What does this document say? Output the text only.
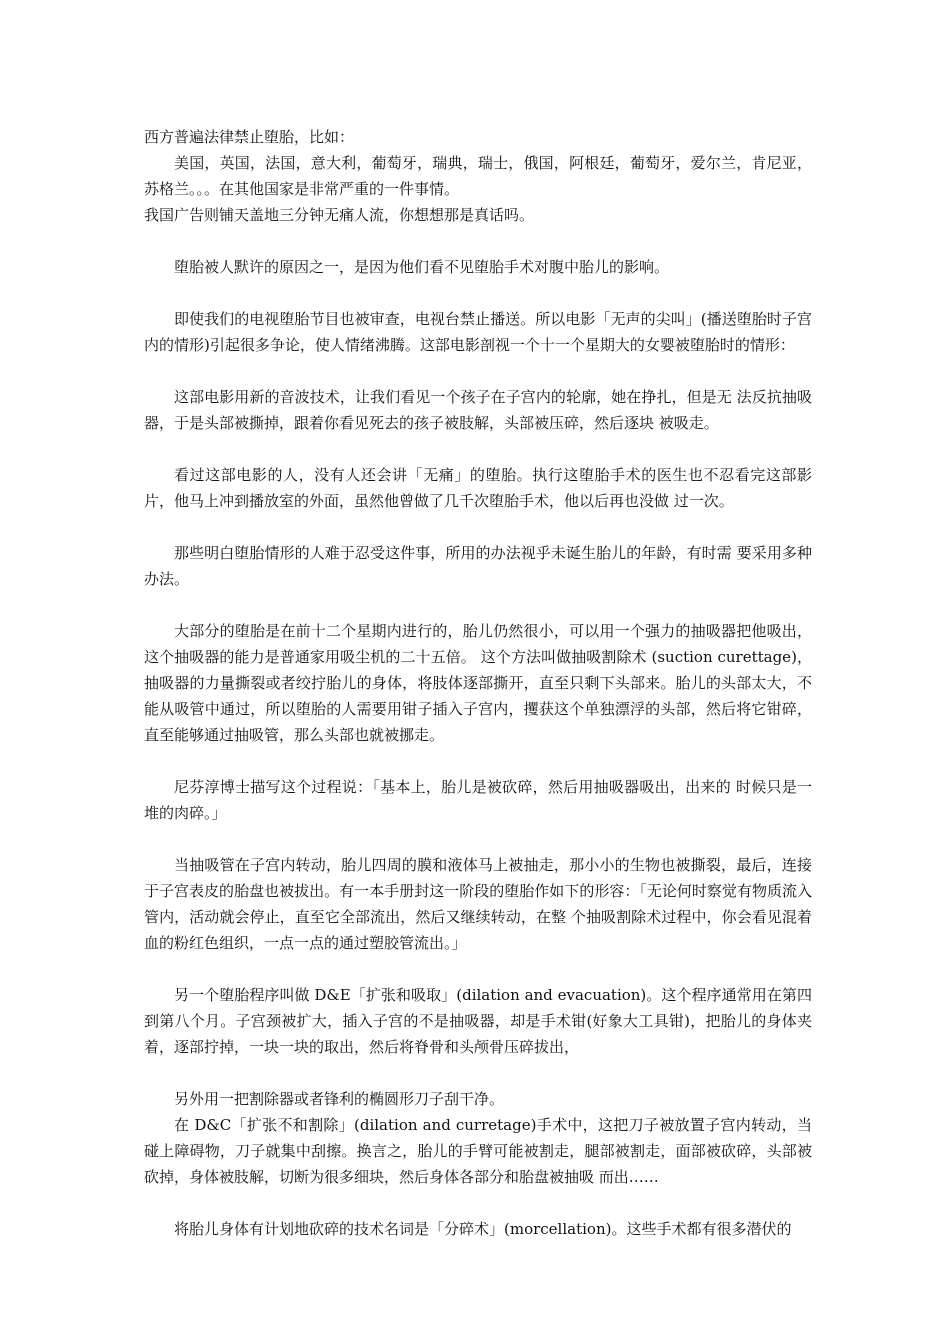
西方普遍法律禁止堕胎，比如：

美国，英国，法国，意大利，葡萄牙，瑞典，瑞士，俄国，阿根廷，葡萄牙，爱尔兰，肯尼亚，苏格兰。。。在其他国家是非常严重的一件事情。

我国广告则铺天盖地三分钟无痛人流，你想想那是真话吗。

堕胎被人默许的原因之一，是因为他们看不见堕胎手术对腹中胎儿的影响。

即使我们的电视堕胎节目也被审查，电视台禁止播送。所以电影「无声的尖叫」(播送堕胎时子宫内的情形)引起很多争论，使人情绪沸腾。这部电影剖视一个十一个星期大的女婴被堕胎时的情形：

这部电影用新的音波技术，让我们看见一个孩子在子宫内的轮廓，她在挣扎，但是无 法反抗抽吸器，于是头部被撕掉，跟着你看见死去的孩子被肢解，头部被压碎，然后逐块 被吸走。

看过这部电影的人，没有人还会讲「无痛」的堕胎。执行这堕胎手术的医生也不忍看完这部影片，他马上冲到播放室的外面，虽然他曾做了几千次堕胎手术，他以后再也没做 过一次。

那些明白堕胎情形的人难于忍受这件事，所用的办法视乎未诞生胎儿的年龄，有时需 要采用多种办法。

大部分的堕胎是在前十二个星期内进行的，胎儿仍然很小，可以用一个强力的抽吸器把他吸出，这个抽吸器的能力是普通家用吸尘机的二十五倍。 这个方法叫做抽吸割除术 (suction curettage)，抽吸器的力量撕裂或者绞拧胎儿的身体，将肢体逐部撕开，直至只剩下头部来。胎儿的头部太大，不能从吸管中通过，所以堕胎的人需要用钳子插入子宫内，攫获这个单独漂浮的头部，然后将它钳碎，直至能够通过抽吸管，那么头部也就被挪走。

尼芬淳博士描写这个过程说：「基本上，胎儿是被砍碎，然后用抽吸器吸出，出来的 时候只是一堆的肉碎。」

当抽吸管在子宫内转动，胎儿四周的膜和液体马上被抽走，那小小的生物也被撕裂，最后，连接于子宫表皮的胎盘也被拔出。有一本手册封这一阶段的堕胎作如下的形容：「无论何时察觉有物质流入管内，活动就会停止，直至它全部流出，然后又继续转动，在整 个抽吸割除术过程中，你会看见混着血的粉红色组织，一点一点的通过塑胶管流出。」

另一个堕胎程序叫做 D&E「扩张和吸取」(dilation and evacuation)。这个程序通常用在第四到第八个月。子宫颈被扩大，插入子宫的不是抽吸器，却是手术钳(好象大工具钳)，把胎儿的身体夹着，逐部拧掉，一块一块的取出，然后将脊骨和头颅骨压碎拔出，

另外用一把割除器或者锋利的椭圆形刀子刮干净。

在 D&C「扩张不和割除」(dilation and curretage)手术中，这把刀子被放置子宫内转动，当碰上障碍物，刀子就集中刮擦。换言之，胎儿的手臂可能被割走，腿部被割走，面部被砍碎，头部被砍掉，身体被肢解，切断为很多细块，然后身体各部分和胎盘被抽吸 而出……

将胎儿身体有计划地砍碎的技术名词是「分碎术」(morcellation)。这些手术都有很多潜伏的
